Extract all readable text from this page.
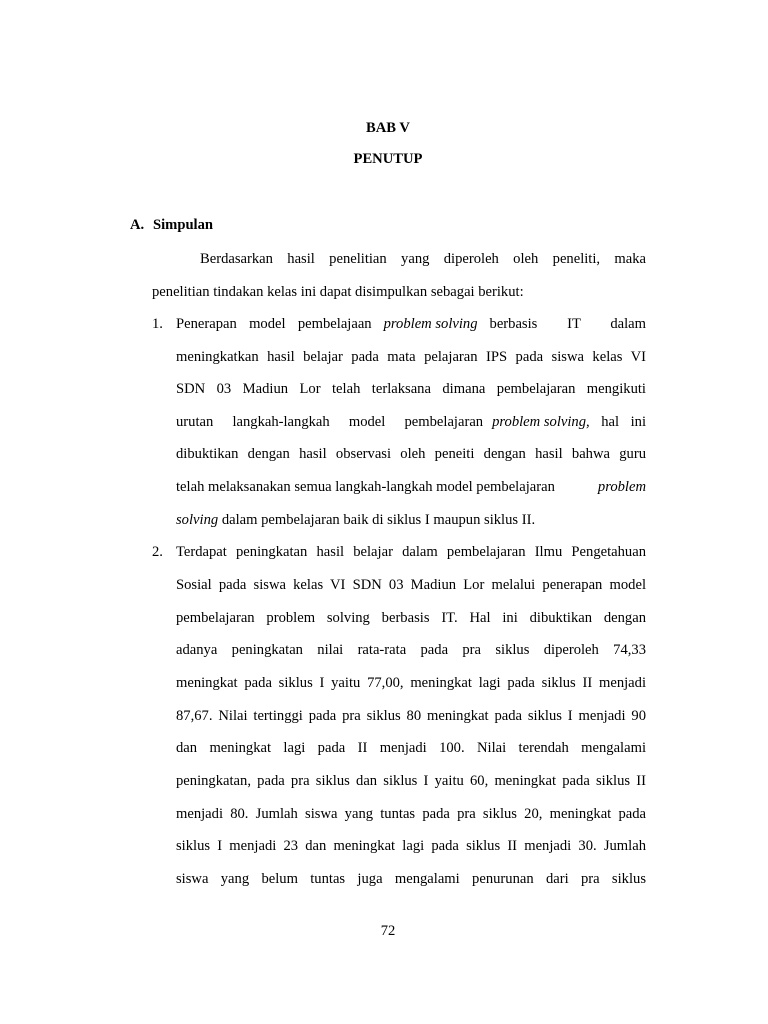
BAB V
PENUTUP
A. Simpulan
Berdasarkan hasil penelitian yang diperoleh oleh peneliti, maka
penelitian tindakan kelas ini dapat disimpulkan sebagai berikut:
1. Penerapan model pembelajaan problem solving berbasis IT dalam
meningkatkan hasil belajar pada mata pelajaran IPS pada siswa kelas VI
SDN 03 Madiun Lor telah terlaksana dimana pembelajaran mengikuti
urutan langkah-langkah model pembelajaran problem solving , hal ini
dibuktikan dengan hasil observasi oleh peneiti dengan hasil bahwa guru
telah melaksanakan semua langkah-langkah model pembelajaran	problem
solving dalam pembelajaran baik di siklus I maupun siklus II.
2. Terdapat peningkatan hasil belajar dalam pembelajaran Ilmu Pengetahuan
Sosial pada siswa kelas VI SDN 03 Madiun Lor melalui penerapan model
pembelajaran problem solving berbasis IT. Hal ini dibuktikan dengan
adanya peningkatan nilai rata-rata pada pra siklus diperoleh 74,33
meningkat pada siklus I yaitu 77,00, meningkat lagi pada siklus II menjadi
87,67. Nilai tertinggi pada pra siklus 80 meningkat pada siklus I menjadi 90
dan meningkat lagi pada II menjadi 100. Nilai terendah mengalami
peningkatan, pada pra siklus dan siklus I yaitu 60, meningkat pada siklus II
menjadi 80. Jumlah siswa yang tuntas pada pra siklus 20, meningkat pada
siklus I menjadi 23 dan meningkat lagi pada siklus II menjadi 30. Jumlah
siswa yang belum tuntas juga mengalami penurunan dari pra siklus
72
